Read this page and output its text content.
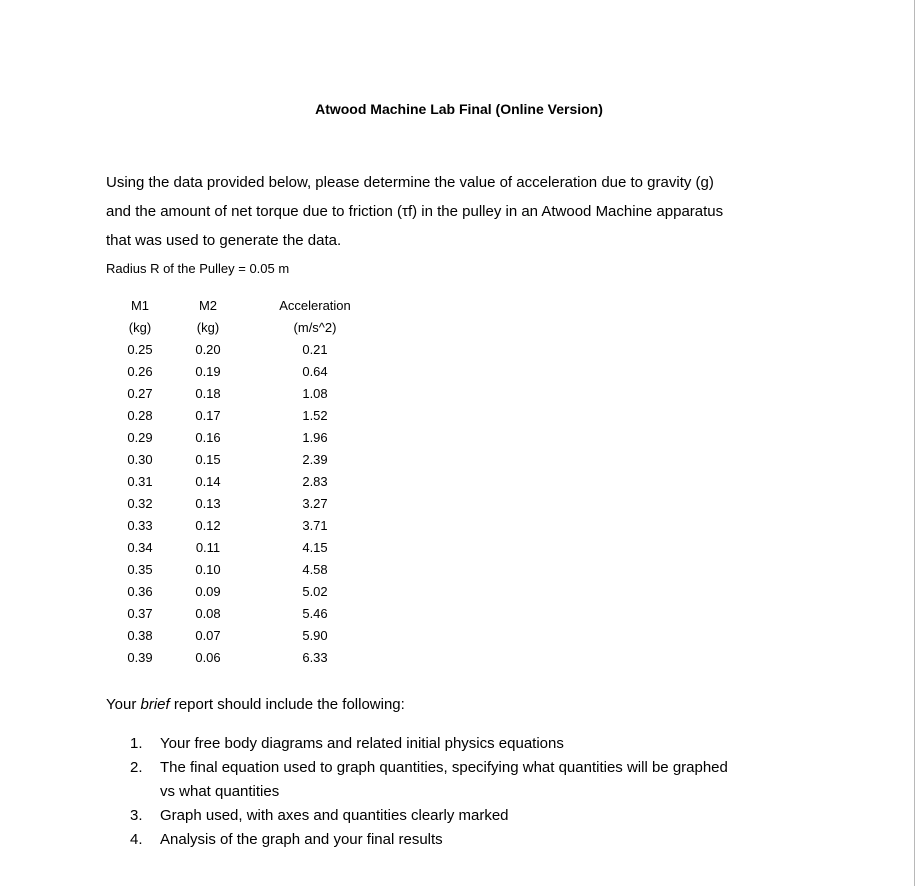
Atwood Machine Lab Final (Online Version)
Using the data provided below, please determine the value of acceleration due to gravity (g)
and the amount of net torque due to friction (τf) in the pulley in an Atwood Machine apparatus
that was used to generate the data.
Radius R of the Pulley = 0.05 m
M1	M2	Acceleration
(kg)	(kg)	(m/s^2)
0.25	0.20	0.21
0.26	0.19	0.64
0.27	0.18	1.08
0.28	0.17	1.52
0.29	0.16	1.96
0.30	0.15	2.39
0.31	0.14	2.83
0.32	0.13	3.27
0.33	0.12	3.71
0.34	0.11	4.15
0.35	0.10	4.58
0.36	0.09	5.02
0.37	0.08	5.46
0.38	0.07	5.90
0.39	0.06	6.33
Your brief report should include the following:
1. Your free body diagrams and related initial physics equations
2. The final equation used to graph quantities, specifying what quantities will be graphed
vs what quantities
3. Graph used, with axes and quantities clearly marked
4. Analysis of the graph and your final results
